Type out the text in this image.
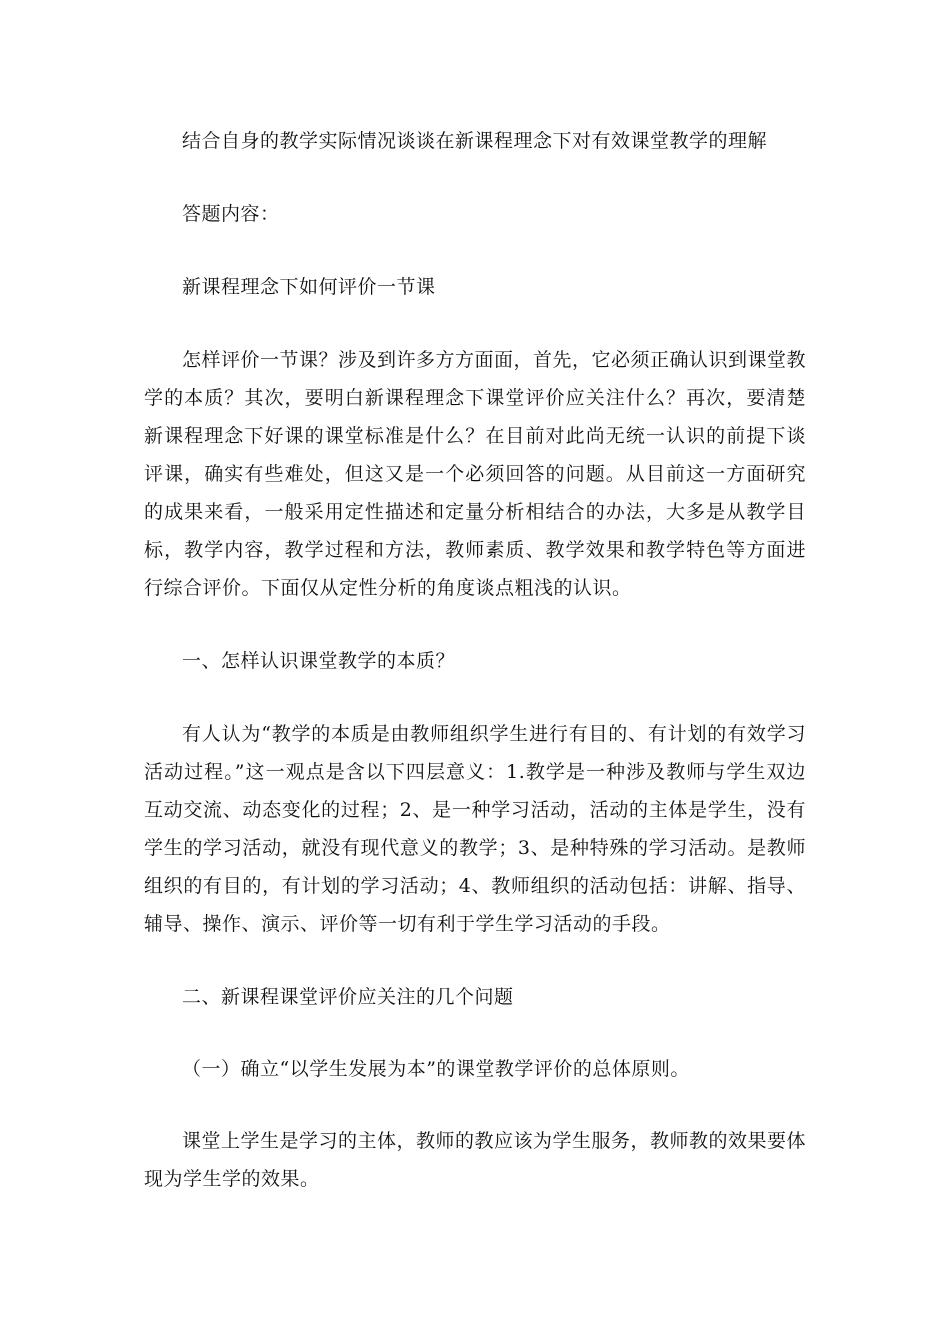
结合自身的教学实际情况谈谈在新课程理念下对有效课堂教学的理解

答题内容：

新课程理念下如何评价一节课

怎样评价一节课？涉及到许多方方面面，首先，它必须正确认识到课堂教学的本质？其次，要明白新课程理念下课堂评价应关注什么？再次，要清楚新课程理念下好课的课堂标准是什么？在目前对此尚无统一认识的前提下谈评课，确实有些难处，但这又是一个必须回答的问题。从目前这一方面研究的成果来看，一般采用定性描述和定量分析相结合的办法，大多是从教学目标，教学内容，教学过程和方法，教师素质、教学效果和教学特色等方面进行综合评价。下面仅从定性分析的角度谈点粗浅的认识。

一、怎样认识课堂教学的本质？

有人认为“教学的本质是由教师组织学生进行有目的、有计划的有效学习活动过程。”这一观点是含以下四层意义：1.教学是一种涉及教师与学生双边互动交流、动态变化的过程；2、是一种学习活动，活动的主体是学生，没有学生的学习活动，就没有现代意义的教学；3、是种特殊的学习活动。是教师组织的有目的，有计划的学习活动；4、教师组织的活动包括：讲解、指导、辅导、操作、演示、评价等一切有利于学生学习活动的手段。

二、新课程课堂评价应关注的几个问题

（一）确立“以学生发展为本”的课堂教学评价的总体原则。

课堂上学生是学习的主体，教师的教应该为学生服务，教师教的效果要体现为学生学的效果。
